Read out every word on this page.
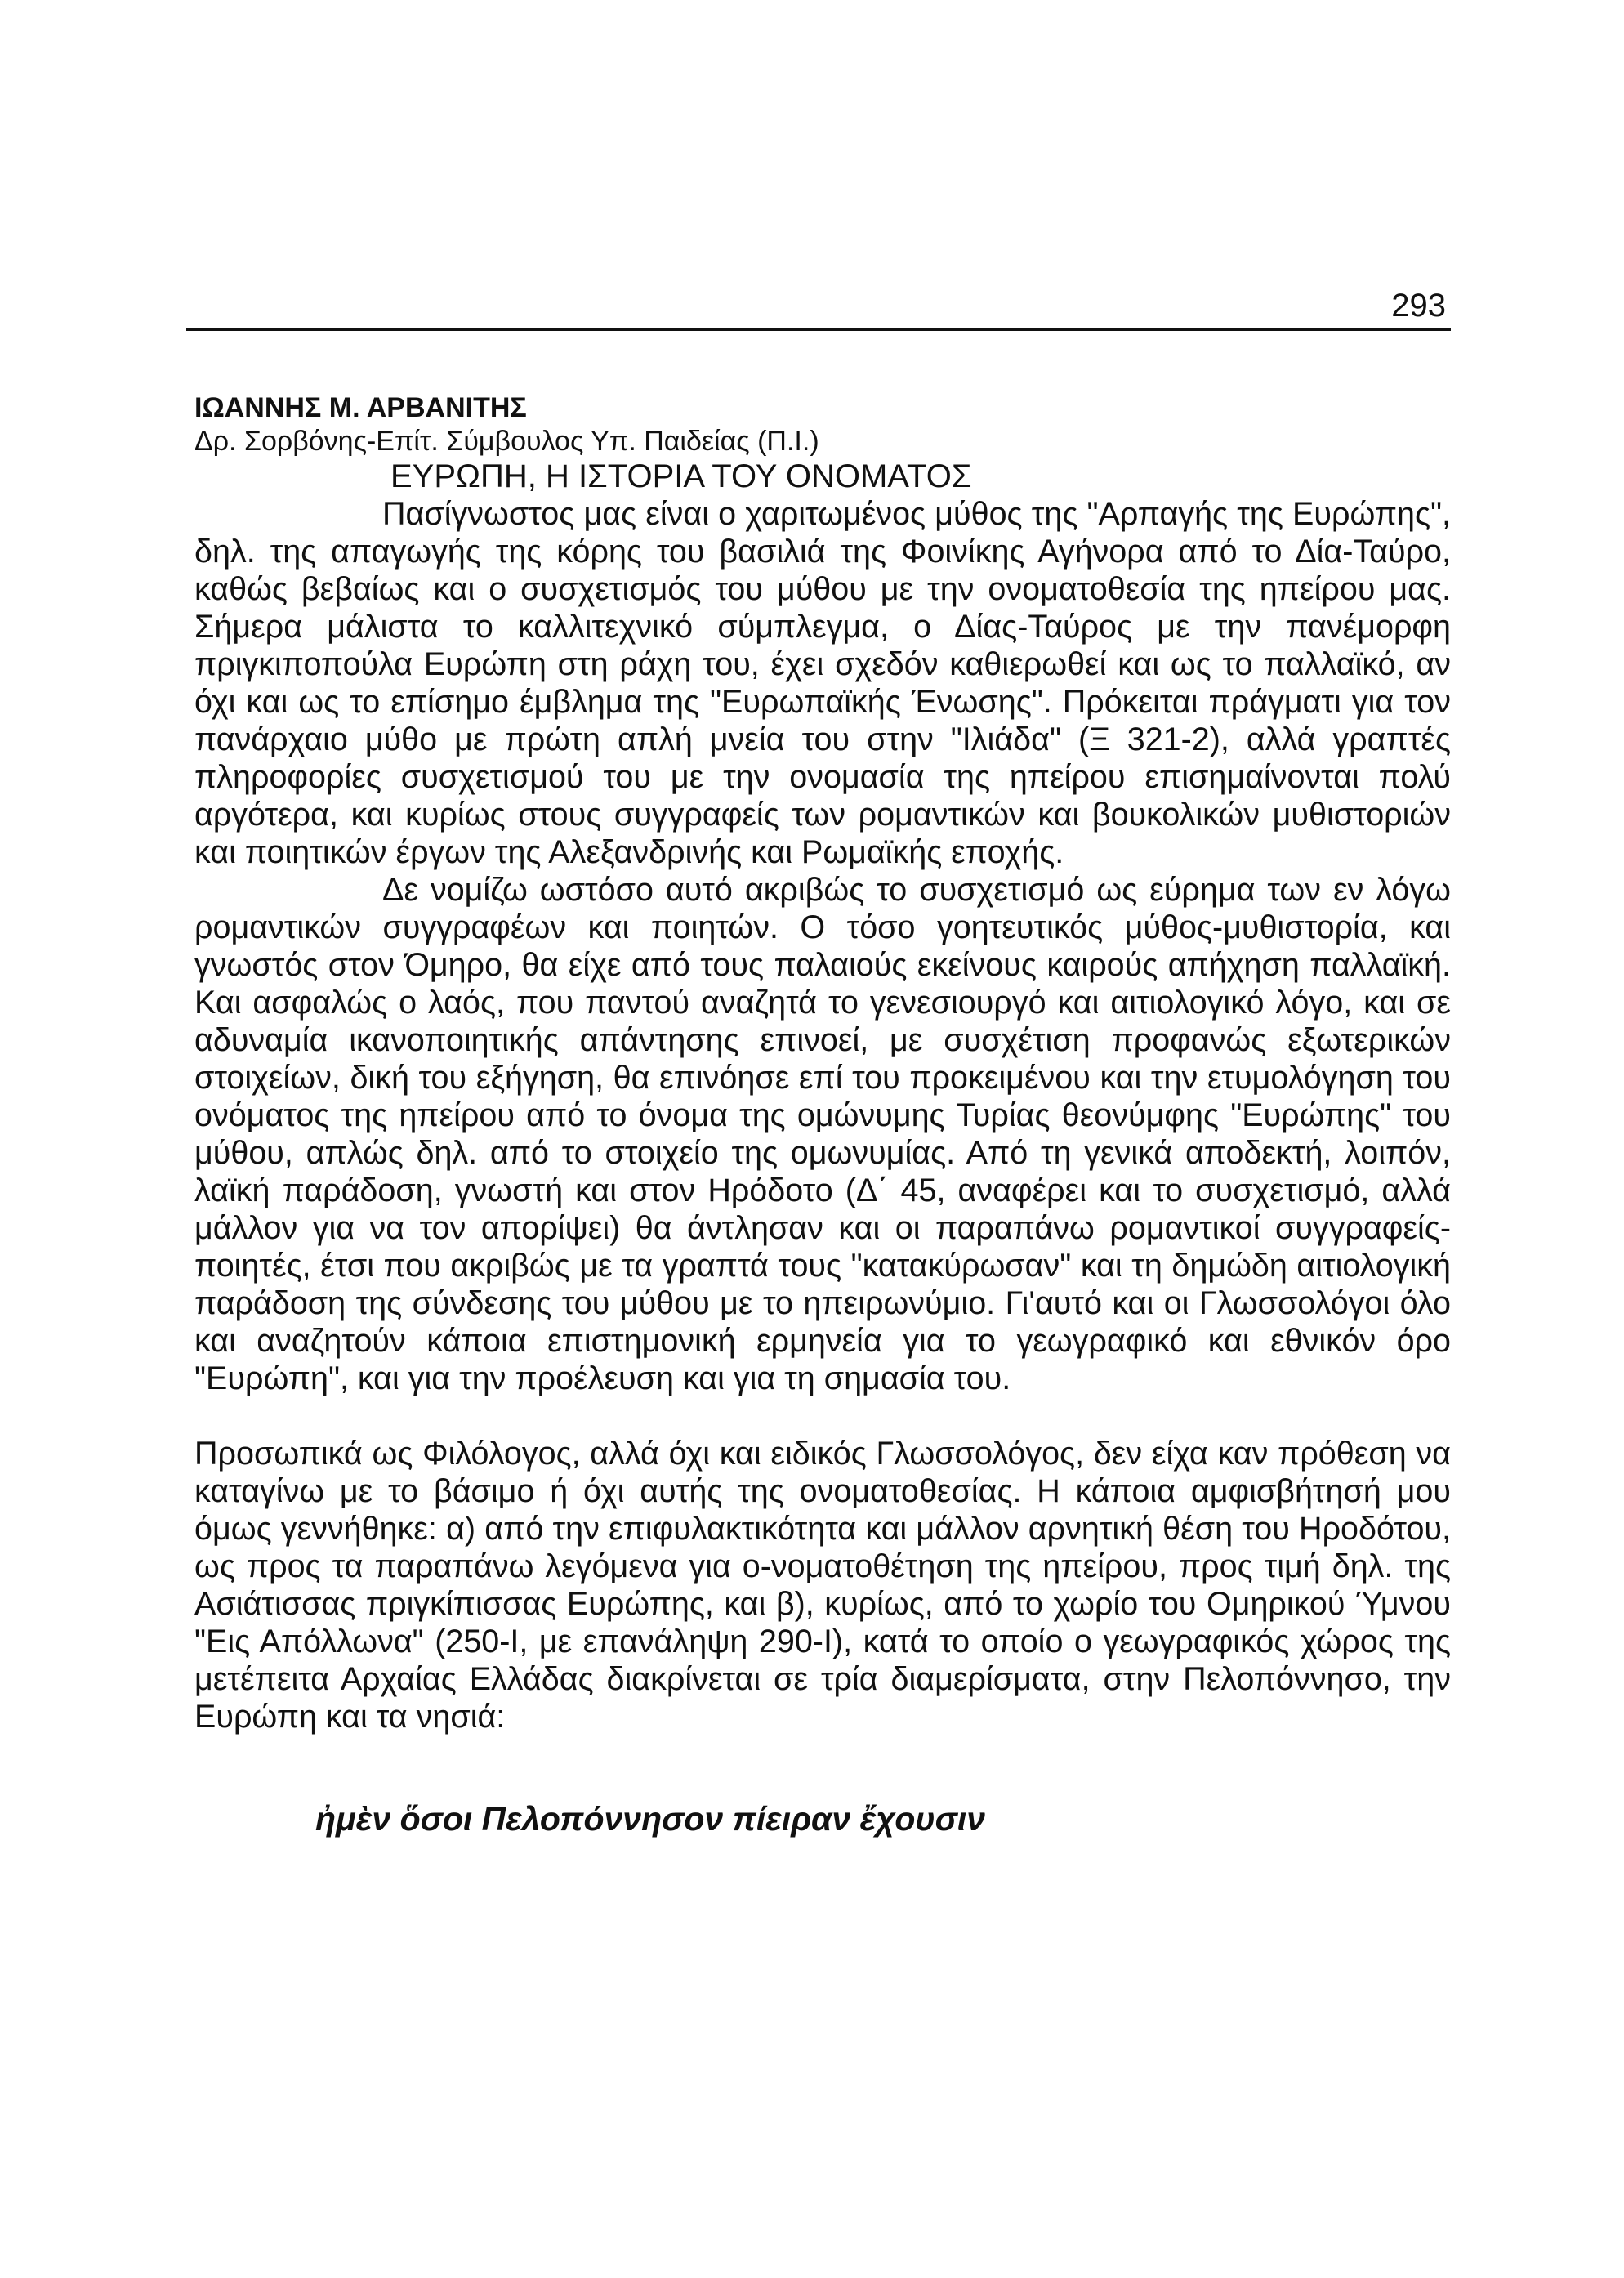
293

ΙΩΑΝΝΗΣ Μ. ΑΡΒΑΝΙΤΗΣ

Δρ. Σορβόνης-Επίτ. Σύμβουλος Υπ. Παιδείας (Π.Ι.)

ΕΥΡΩΠΗ, Η ΙΣΤΟΡΙΑ ΤΟΥ ΟΝΟΜΑΤΟΣ

Πασίγνωστος μας είναι ο χαριτωμένος μύθος της "Αρπαγής της Ευρώπης", δηλ. της απαγωγής της κόρης του βασιλιά της Φοινίκης Αγήνορα από το Δία-Ταύρο, καθώς βεβαίως και ο συσχετισμός του μύθου με την ονοματοθεσία της ηπείρου μας. Σήμερα μάλιστα το καλλιτεχνικό σύμπλεγμα, ο Δίας-Ταύρος με την πανέμορφη πριγκιποπούλα Ευρώπη στη ράχη του, έχει σχεδόν καθιερωθεί και ως το παλλαϊκό, αν όχι και ως το επίσημο έμβλημα της "Ευρωπαϊκής Ένωσης". Πρόκειται πράγματι για τον πανάρχαιο μύθο με πρώτη απλή μνεία του στην "Ιλιάδα" (Ξ 321-2), αλλά γραπτές πληροφορίες συσχετισμού του με την ονομασία της ηπείρου επισημαίνονται πολύ αργότερα, και κυρίως στους συγγραφείς των ρομαντικών και βουκολικών μυθιστοριών και ποιητικών έργων της Αλεξανδρινής και Ρωμαϊκής εποχής.

Δε νομίζω ωστόσο αυτό ακριβώς το συσχετισμό ως εύρημα των εν λόγω ρομαντικών συγγραφέων και ποιητών. Ο τόσο γοητευτικός μύθος-μυθιστορία, και γνωστός στον Όμηρο, θα είχε από τους παλαιούς εκείνους καιρούς απήχηση παλλαϊκή. Και ασφαλώς ο λαός, που παντού αναζητά το γενεσιουργό και αιτιολογικό λόγο, και σε αδυναμία ικανοποιητικής απάντησης επινοεί, με συσχέτιση προφανώς εξωτερικών στοιχείων, δική του εξήγηση, θα επινόησε επί του προκειμένου και την ετυμολόγηση του ονόματος της ηπείρου από το όνομα της ομώνυμης Τυρίας θεονύμφης "Ευρώπης" του μύθου, απλώς δηλ. από το στοιχείο της ομωνυμίας. Από τη γενικά αποδεκτή, λοιπόν, λαϊκή παράδοση, γνωστή και στον Ηρόδοτο (Δ΄ 45, αναφέρει και το συσχετισμό, αλλά μάλλον για να τον απορίψει) θα άντλησαν και οι παραπάνω ρομαντικοί συγγραφείς-ποιητές, έτσι που ακριβώς με τα γραπτά τους "κατακύρωσαν" και τη δημώδη αιτιολογική παράδοση της σύνδεσης του μύθου με το ηπειρωνύμιο. Γι'αυτό και οι Γλωσσολόγοι όλο και αναζητούν κάποια επιστημονική ερμηνεία για το γεωγραφικό και εθνικόν όρο "Ευρώπη", και για την προέλευση και για τη σημασία του.

Προσωπικά ως Φιλόλογος, αλλά όχι και ειδικός Γλωσσολόγος, δεν είχα καν πρόθεση να καταγίνω με το βάσιμο ή όχι αυτής της ονοματοθεσίας. Η κάποια αμφισβήτησή μου όμως γεννήθηκε: α) από την επιφυλακτικότητα και μάλλον αρνητική θέση του Ηροδότου, ως προς τα παραπάνω λεγόμενα για ο-νοματοθέτηση της ηπείρου, προς τιμή δηλ. της Ασιάτισσας πριγκίπισσας Ευρώπης, και β), κυρίως, από το χωρίο του Ομηρικού Ύμνου "Εις Απόλλωνα" (250-Ι, με επανάληψη 290-Ι), κατά το οποίο ο γεωγραφικός χώρος της μετέπειτα Αρχαίας Ελλάδας διακρίνεται σε τρία διαμερίσματα, στην Πελοπόννησο, την Ευρώπη και τα νησιά:

ἠμὲν ὅσοι Πελοπόννησον πίειραν ἔχουσιν
